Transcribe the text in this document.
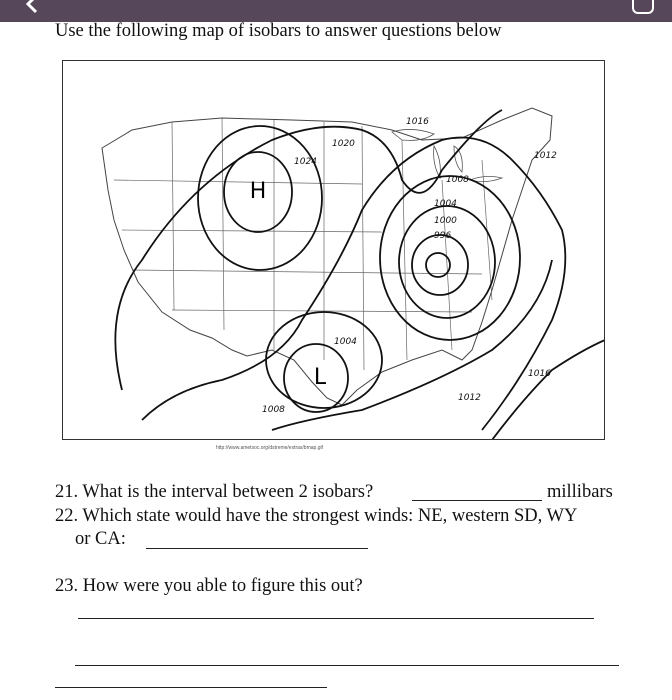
Use the following map of isobars to answer questions below
H
L
1016
1020
1024
1012
1008
1004
1000
996
1004
1008
1012
1016
http://www.ametsoc.org/dstreme/extras/bmap.gif
21. What is the interval between 2 isobars?	millibars
22. Which state would have the strongest winds: NE, western SD, WY
or CA:
23. How were you able to figure this out?
